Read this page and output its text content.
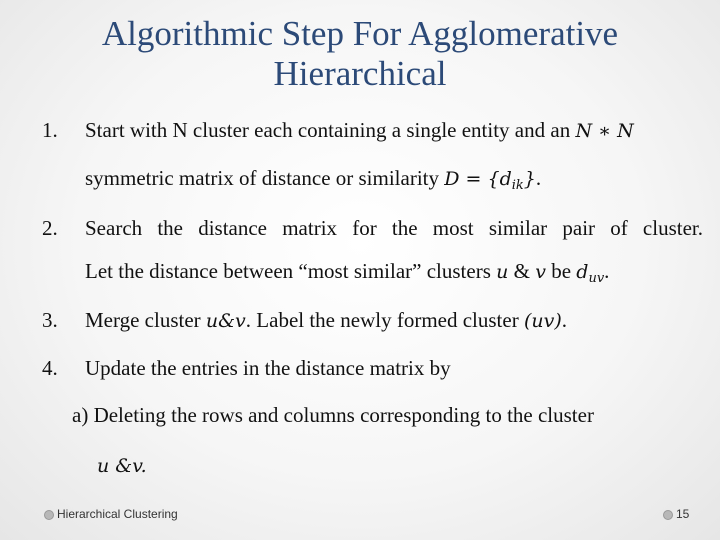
Algorithmic Step For Agglomerative Hierarchical
1.	Start with N cluster each containing a single entity and an N ∗ N
symmetric matrix of distance or similarity $D = \{d_{ik}\}$.
2.	Search the distance matrix for the most similar pair of cluster.
Let the distance between “most similar” clusters u & v be $d_{uv}$.
3.	Merge cluster u&v. Label the newly formed cluster (uv).
4.	Update the entries in the distance matrix by
a) Deleting the rows and columns corresponding to the cluster
u &v.
Hierarchical Clustering	15
